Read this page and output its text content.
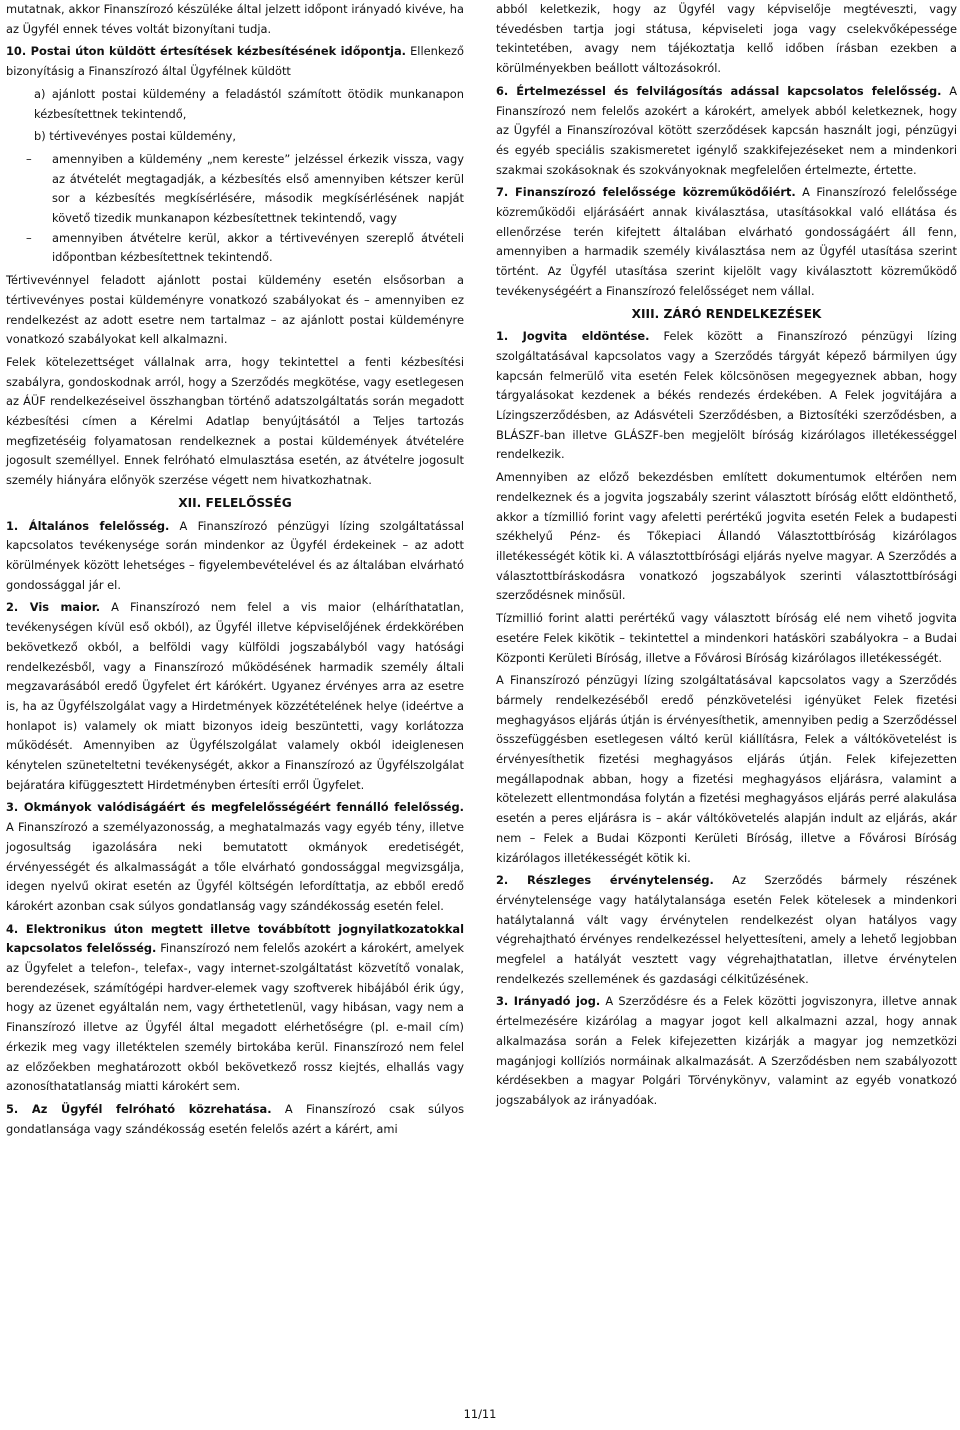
mutatnak, akkor Finanszírozó készüléke által jelzett időpont irányadó kivéve, ha az Ügyfél ennek téves voltát bizonyítani tudja.

10. Postai úton küldött értesítések kézbesítésének időpontja. Ellenkező bizonyításig a Finanszírozó által Ügyfélnek küldött

a) ajánlott postai küldemény a feladástól számított ötödik munkanapon kézbesítettnek tekintendő,

b) tértivevényes postai küldemény,

–	amennyiben a küldemény „nem kereste” jelzéssel érkezik vissza, vagy az átvételét megtagadják, a kézbesítés első amennyiben kétszer kerül sor a kézbesítés megkísérlésére, második megkísérlésének napját követő tizedik munkanapon kézbesítettnek tekintendő, vagy
–	amennyiben átvételre kerül, akkor a tértivevényen szereplő átvételi időpontban kézbesítettnek tekintendő.

Tértivevénnyel feladott ajánlott postai küldemény esetén elsősorban a tértivevényes postai küldeményre vonatkozó szabályokat és – amennyiben ez rendelkezést az adott esetre nem tartalmaz – az ajánlott postai küldeményre vonatkozó szabályokat kell alkalmazni.

Felek kötelezettséget vállalnak arra, hogy tekintettel a fenti kézbesítési szabályra, gondoskodnak arról, hogy a Szerződés megkötése, vagy esetlegesen az ÁÜF rendelkezéseivel összhangban történő adatszolgáltatás során megadott kézbesítési címen a Kérelmi Adatlap benyújtásától a Teljes tartozás megfizetéséig folyamatosan rendelkeznek a postai küldemények átvételére jogosult személlyel. Ennek felróható elmulasztása esetén, az átvételre jogosult személy hiányára előnyök szerzése végett nem hivatkozhatnak.

XII. FELELŐSSÉG

1. Általános felelősség. A Finanszírozó pénzügyi lízing szolgáltatással kapcsolatos tevékenysége során mindenkor az Ügyfél érdekeinek – az adott körülmények között lehetséges – figyelembevételével és az általában elvárható gondossággal jár el.

2. Vis maior. A Finanszírozó nem felel a vis maior (elháríthatatlan, tevékenységen kívül eső okból), az Ügyfél illetve képviselőjének érdekkörében bekövetkező okból, a belföldi vagy külföldi jogszabályból vagy hatósági rendelkezésből, vagy a Finanszírozó működésének harmadik személy általi megzavarásából eredő Ügyfelet ért kárókért. Ugyanez érvényes arra az esetre is, ha az Ügyfélszolgálat vagy a Hirdetmények közzétételének helye (ideértve a honlapot is) valamely ok miatt bizonyos ideig beszüntetti, vagy korlátozza működését. Amennyiben az Ügyfélszolgálat valamely okból ideiglenesen kénytelen szüneteltetni tevékenységét, akkor a Finanszírozó az Ügyfélszolgálat bejáratára kifüggesztett Hirdetményben értesíti erről Ügyfelet.

3. Okmányok valódiságáért és megfelelősségéért fennálló felelősség. A Finanszírozó a személyazonosság, a meghatalmazás vagy egyéb tény, illetve jogosultság igazolására neki bemutatott okmányok eredetiségét, érvényességét és alkalmasságát a tőle elvárható gondossággal megvizsgálja, idegen nyelvű okirat esetén az Ügyfél költségén lefordíttatja, az ebből eredő károkért azonban csak súlyos gondatlanság vagy szándékosság esetén felel.

4. Elektronikus úton megtett illetve továbbított jognyilatkozatokkal kapcsolatos felelősség. Finanszírozó nem felelős azokért a károkért, amelyek az Ügyfelet a telefon-, telefax-, vagy internet-szolgáltatást közvetítő vonalak, berendezések, számítógépi hardver-elemek vagy szoftverek hibájából érik úgy, hogy az üzenet egyáltalán nem, vagy érthetetlenül, vagy hibásan, vagy nem a Finanszírozó illetve az Ügyfél által megadott elérhetőségre (pl. e-mail cím) érkezik meg vagy illetéktelen személy birtokába kerül. Finanszírozó nem felel az előzőekben meghatározott okból bekövetkező rossz kiejtés, elhallás vagy azonosíthatatlanság miatti károkért sem.

5. Az Ügyfél felróható közrehatása. A Finanszírozó csak súlyos gondatlansága vagy szándékosság esetén felelős azért a kárért, ami

abból keletkezik, hogy az Ügyfél vagy képviselője megtéveszti, vagy tévedésben tartja jogi státusa, képviseleti joga vagy cselekvőképessége tekintetében, avagy nem tájékoztatja kellő időben írásban ezekben a körülményekben beállott változásokról.

6. Értelmezéssel és felvilágosítás adással kapcsolatos felelősség. A Finanszírozó nem felelős azokért a károkért, amelyek abból keletkeznek, hogy az Ügyfél a Finanszírozóval kötött szerződések kapcsán használt jogi, pénzügyi és egyéb speciális szakismeretet igénylő szakkifejezéseket nem a mindenkori szakmai szokásoknak és szokványoknak megfelelően értelmezte, értette.

7. Finanszírozó felelőssége közreműködőiért. A Finanszírozó felelőssége közreműködői eljárásáért annak kiválasztása, utasításokkal való ellátása és ellenőrzése terén kifejtett általában elvárható gondosságáért áll fenn, amennyiben a harmadik személy kiválasztása nem az Ügyfél utasítása szerint történt. Az Ügyfél utasítása szerint kijelölt vagy kiválasztott közreműködő tevékenységéért a Finanszírozó felelősséget nem vállal.

XIII. ZÁRÓ RENDELKEZÉSEK

1. Jogvita eldöntése. Felek között a Finanszírozó pénzügyi lízing szolgáltatásával kapcsolatos vagy a Szerződés tárgyát képező bármilyen úgy kapcsán felmerülő vita esetén Felek kölcsönösen megegyeznek abban, hogy tárgyalásokat kezdenek a békés rendezés érdekében. A Felek jogvitájára a Lízingszerződésben, az Adásvételi Szerződésben, a Biztosítéki szerződésben, a BLÁSZF-ban illetve GLÁSZF-ben megjelölt bíróság kizárólagos illetékességgel rendelkezik.

Amennyiben az előző bekezdésben említett dokumentumok eltérően nem rendelkeznek és a jogvita jogszabály szerint választott bíróság előtt eldönthető, akkor a tízmillió forint vagy afeletti perértékű jogvita esetén Felek a budapesti székhelyű Pénz- és Tőkepiaci Állandó Választottbíróság kizárólagos illetékességét kötik ki. A választottbírósági eljárás nyelve magyar. A Szerződés a választottbíráskodásra vonatkozó jogszabályok szerinti választottbírósági szerződésnek minősül.

Tízmillió forint alatti perértékű vagy választott bíróság elé nem vihető jogvita esetére Felek kikötik – tekintettel a mindenkori hatásköri szabályokra – a Budai Központi Kerületi Bíróság, illetve a Fővárosi Bíróság kizárólagos illetékességét.

A Finanszírozó pénzügyi lízing szolgáltatásával kapcsolatos vagy a Szerződés bármely rendelkezéséből eredő pénzkövetelési igényüket Felek fizetési meghagyásos eljárás útján is érvényesíthetik, amennyiben pedig a Szerződéssel összefüggésben esetlegesen váltó kerül kiállításra, Felek a váltókövetelést is érvényesíthetik fizetési meghagyásos eljárás útján. Felek kifejezetten megállapodnak abban, hogy a fizetési meghagyásos eljárásra, valamint a kötelezett ellentmondása folytán a fizetési meghagyásos eljárás perré alakulása esetén a peres eljárásra is – akár váltókövetelés alapján indult az eljárás, akár nem – Felek a Budai Központi Kerületi Bíróság, illetve a Fővárosi Bíróság kizárólagos illetékességét kötik ki.

2. Részleges érvénytelenség. Az Szerződés bármely részének érvénytelensége vagy hatálytalansága esetén Felek kötelesek a mindenkori hatálytalanná vált vagy érvénytelen rendelkezést olyan hatályos vagy végrehajtható érvényes rendelkezéssel helyettesíteni, amely a lehető legjobban megfelel a hatályát vesztett vagy végrehajthatatlan, illetve érvénytelen rendelkezés szellemének és gazdasági célkitűzésének.

3. Irányadó jog. A Szerződésre és a Felek közötti jogviszonyra, illetve annak értelmezésére kizárólag a magyar jogot kell alkalmazni azzal, hogy annak alkalmazása során a Felek kifejezetten kizárják a magyar jog nemzetközi magánjogi kollíziós normáinak alkalmazását. A Szerződésben nem szabályozott kérdésekben a magyar Polgári Törvénykönyv, valamint az egyéb vonatkozó jogszabályok az irányadóak.

11/11
